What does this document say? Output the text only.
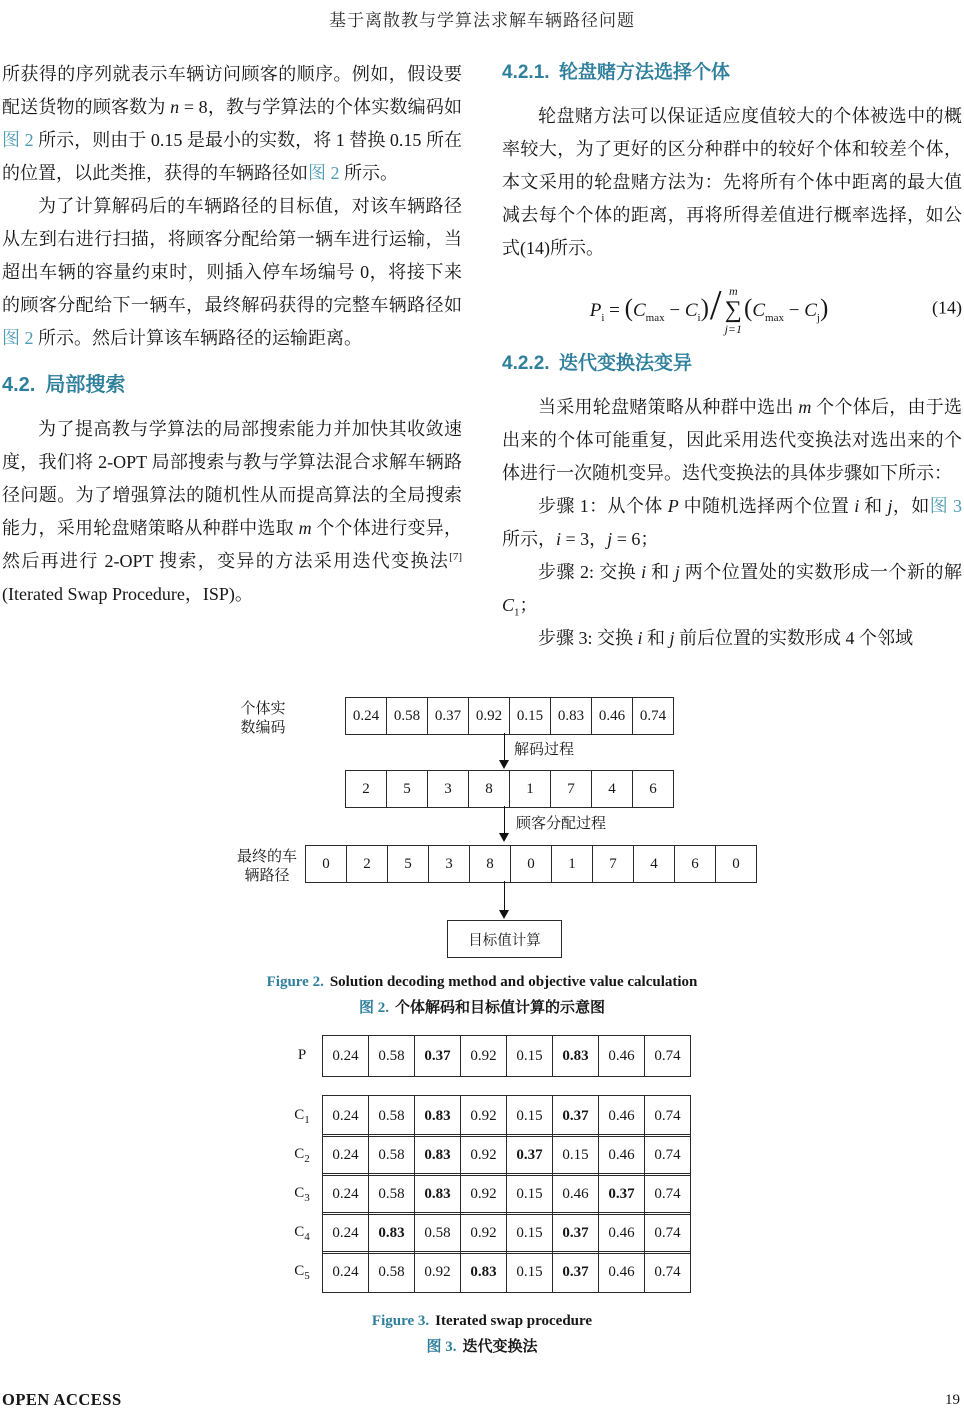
基于离散教与学算法求解车辆路径问题

所获得的序列就表示车辆访问顾客的顺序。例如，假设要配送货物的顾客数为 n = 8，教与学算法的个体实数编码如图 2 所示，则由于 0.15 是最小的实数，将 1 替换 0.15 所在的位置，以此类推，获得的车辆路径如图 2 所示。

为了计算解码后的车辆路径的目标值，对该车辆路径从左到右进行扫描，将顾客分配给第一辆车进行运输，当超出车辆的容量约束时，则插入停车场编号 0，将接下来的顾客分配给下一辆车，最终解码获得的完整车辆路径如图 2 所示。然后计算该车辆路径的运输距离。

4.2. 局部搜索

为了提高教与学算法的局部搜索能力并加快其收敛速度，我们将 2-OPT 局部搜索与教与学算法混合求解车辆路径问题。为了增强算法的随机性从而提高算法的全局搜索能力，采用轮盘赌策略从种群中选取 m 个个体进行变异，然后再进行 2-OPT 搜索，变异的方法采用迭代变换法[7](Iterated Swap Procedure，ISP)。

4.2.1. 轮盘赌方法选择个体

轮盘赌方法可以保证适应度值较大的个体被选中的概率较大，为了更好的区分种群中的较好个体和较差个体，本文采用的轮盘赌方法为：先将所有个体中距离的最大值减去每个个体的距离，再将所得差值进行概率选择，如公式(14)所示。

$P_i = (C_{max} - C_i)/$ m
∑
j=1
$(C_{max} - C_j)$	(14)
4.2.2. 迭代变换法变异

当采用轮盘赌策略从种群中选出 m 个个体后，由于选出来的个体可能重复，因此采用迭代变换法对选出来的个体进行一次随机变异。迭代变换法的具体步骤如下所示：

步骤 1：从个体 P 中随机选择两个位置 i 和 j，如图 3 所示，i = 3，j = 6；

步骤 2: 交换 i 和 j 两个位置处的实数形成一个新的解 $C_1$；

步骤 3: 交换 i 和 j 前后位置的实数形成 4 个邻域

个体实数编码
0.24 0.58 0.37 0.92 0.15 0.83 0.46 0.74
解码过程
2	5	3	8	1	7	4	6
顾客分配过程
最终的车辆路径
0	2	5	3	8	0	1	7	4	6	0
目标值计算
Figure 2. Solution decoding method and objective value calculation
图 2. 个体解码和目标值计算的示意图
P	0.24	0.58	0.37	0.92	0.15	0.83	0.46	0.74
$C_1$	0.24	0.58	0.83	0.92	0.15	0.37	0.46	0.74
$C_2$	0.24	0.58	0.83	0.92	0.37	0.15	0.46	0.74
$C_3$	0.24	0.58	0.83	0.92	0.15	0.46	0.37	0.74
$C_4$	0.24	0.83	0.58	0.92	0.15	0.37	0.46	0.74
$C_5$	0.24	0.58	0.92	0.83	0.15	0.37	0.46	0.74
Figure 3. Iterated swap procedure
图 3. 迭代变换法
OPEN ACCESS	19
